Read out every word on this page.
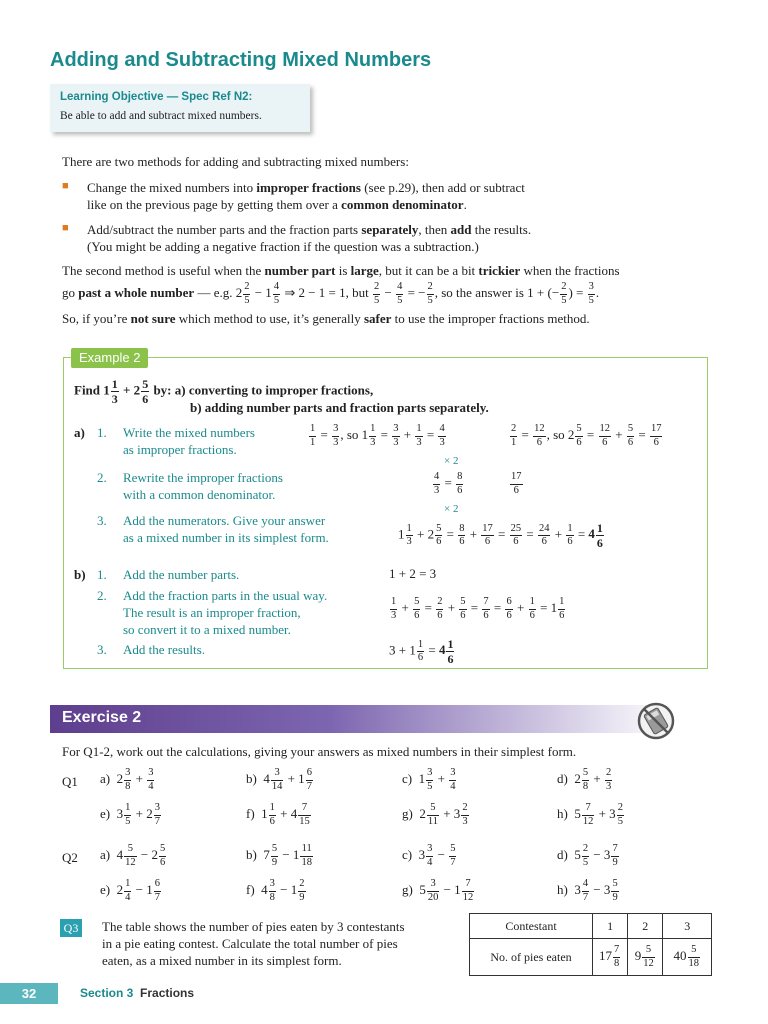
Adding and Subtracting Mixed Numbers
Learning Objective — Spec Ref N2:
Be able to add and subtract mixed numbers.
There are two methods for adding and subtracting mixed numbers:
■ Change the mixed numbers into improper fractions (see p.29), then add or subtract
like on the previous page by getting them over a common denominator.
■ Add/subtract the number parts and the fraction parts separately, then add the results.
(You might be adding a negative fraction if the question was a subtraction.)
The second method is useful when the number part is large, but it can be a bit trickier when the fractions
go past a whole number — e.g. $2 \frac{2}{5} - 1 \frac{4}{5}$ ⇒ 2 − 1 = 1, but $\frac{2}{5} - \frac{4}{5}$ = − $\frac{2}{5}$ , so the answer is 1 + (− $\frac{2}{5}$ ) = $\frac{3}{5}$ .
So, if you’re not sure which method to use, it’s generally safer to use the improper fractions method.
Example 2
Find $1 \frac{1}{3} + 2 \frac{5}{6}$ by: a) converting to improper fractions,
b) adding number parts and fraction parts separately.
a) 1. Write the mixed numbers
as improper fractions.
$\frac{1}{1} = \frac{3}{3}$ , so $1 \frac{1}{3} = \frac{3}{3} + \frac{1}{3} = \frac{4}{3}$	$\frac{2}{1} = \frac{12}{6}$ , so $2 \frac{5}{6} = \frac{12}{6} + \frac{5}{6} = \frac{17}{6}$
2. Rewrite the improper fractions
with a common denominator.
× 2
$\frac{4}{3} = \frac{8}{6}$
× 2
$\frac{17}{6}$
3. Add the numerators. Give your answer
as a mixed number in its simplest form.	$1 \frac{1}{3} + 2 \frac{5}{6} = \frac{8}{6} + \frac{17}{6} = \frac{25}{6} = \frac{24}{6} + \frac{1}{6} = 4 \frac{1}{6}$
b) 1. Add the number parts.	1 + 2 = 3
2. Add the fraction parts in the usual way.
The result is an improper fraction,
so convert it to a mixed number.
$\frac{1}{3} + \frac{5}{6} = \frac{2}{6} + \frac{5}{6} = \frac{7}{6} = \frac{6}{6} + \frac{1}{6} = 1 \frac{1}{6}$
3. Add the results.	$3 + 1 \frac{1}{6} = 4 \frac{1}{6}$
Exercise 2
For Q1-2, work out the calculations, giving your answers as mixed numbers in their simplest form.
Q1 a)  $2 \frac{3}{8} + \frac{3}{4}$	b)  $4 \frac{3}{14} + 1 \frac{6}{7}$	c)  $1 \frac{3}{5} + \frac{3}{4}$	d)  $2 \frac{5}{8} + \frac{2}{3}$
e)  $3 \frac{1}{5} + 2 \frac{3}{7}$	f)  $1 \frac{1}{6} + 4 \frac{7}{15}$	g)  $2 \frac{5}{11} + 3 \frac{2}{3}$	h)  $5 \frac{7}{12} + 3 \frac{2}{5}$
Q2 a)  $4 \frac{5}{12} - 2 \frac{5}{6}$	b)  $7 \frac{5}{9} - 1 \frac{11}{18}$	c)  $3 \frac{3}{4} - \frac{5}{7}$	d)  $5 \frac{2}{5} - 3 \frac{7}{9}$
e)  $2 \frac{1}{4} - 1 \frac{6}{7}$	f)  $4 \frac{3}{8} - 1 \frac{2}{9}$	g)  $5 \frac{3}{20} - 1 \frac{7}{12}$	h)  $3 \frac{4}{7} - 3 \frac{5}{9}$
Q3 The table shows the number of pies eaten by 3 contestants
in a pie eating contest. Calculate the total number of pies
eaten, as a mixed number in its simplest form.
Contestant	1	2	3
No. of pies eaten	$17 \frac{7}{8}$	$9 \frac{5}{12}$	$40 \frac{5}{18}$
32	Section 3 Fractions
